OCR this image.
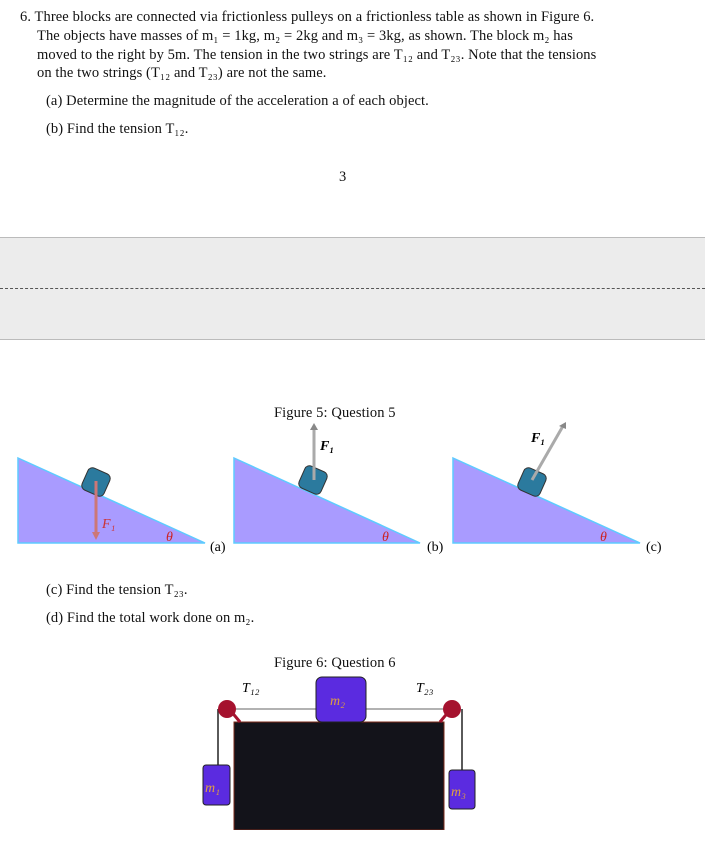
6. Three blocks are connected via frictionless pulleys on a frictionless table as shown in Figure 6.
The objects have masses of m₁ = 1kg, m₂ = 2kg and m₃ = 3kg, as shown. The block m₂ has
moved to the right by 5m. The tension in the two strings are T₁₂ and T₂₃. Note that the tensions
on the two strings (T₁₂ and T₂₃) are not the same.
(a) Determine the magnitude of the acceleration a of each object.
(b) Find the tension T₁₂.
3
Figure 5: Question 5
F₁
θ
(a)
F₁
θ
(b)
F₁
θ
(c)
(c) Find the tension T₂₃.
(d) Find the total work done on m₂.
Figure 6: Question 6
m₂
m₁	m₃
T₁₂	T₂₃
